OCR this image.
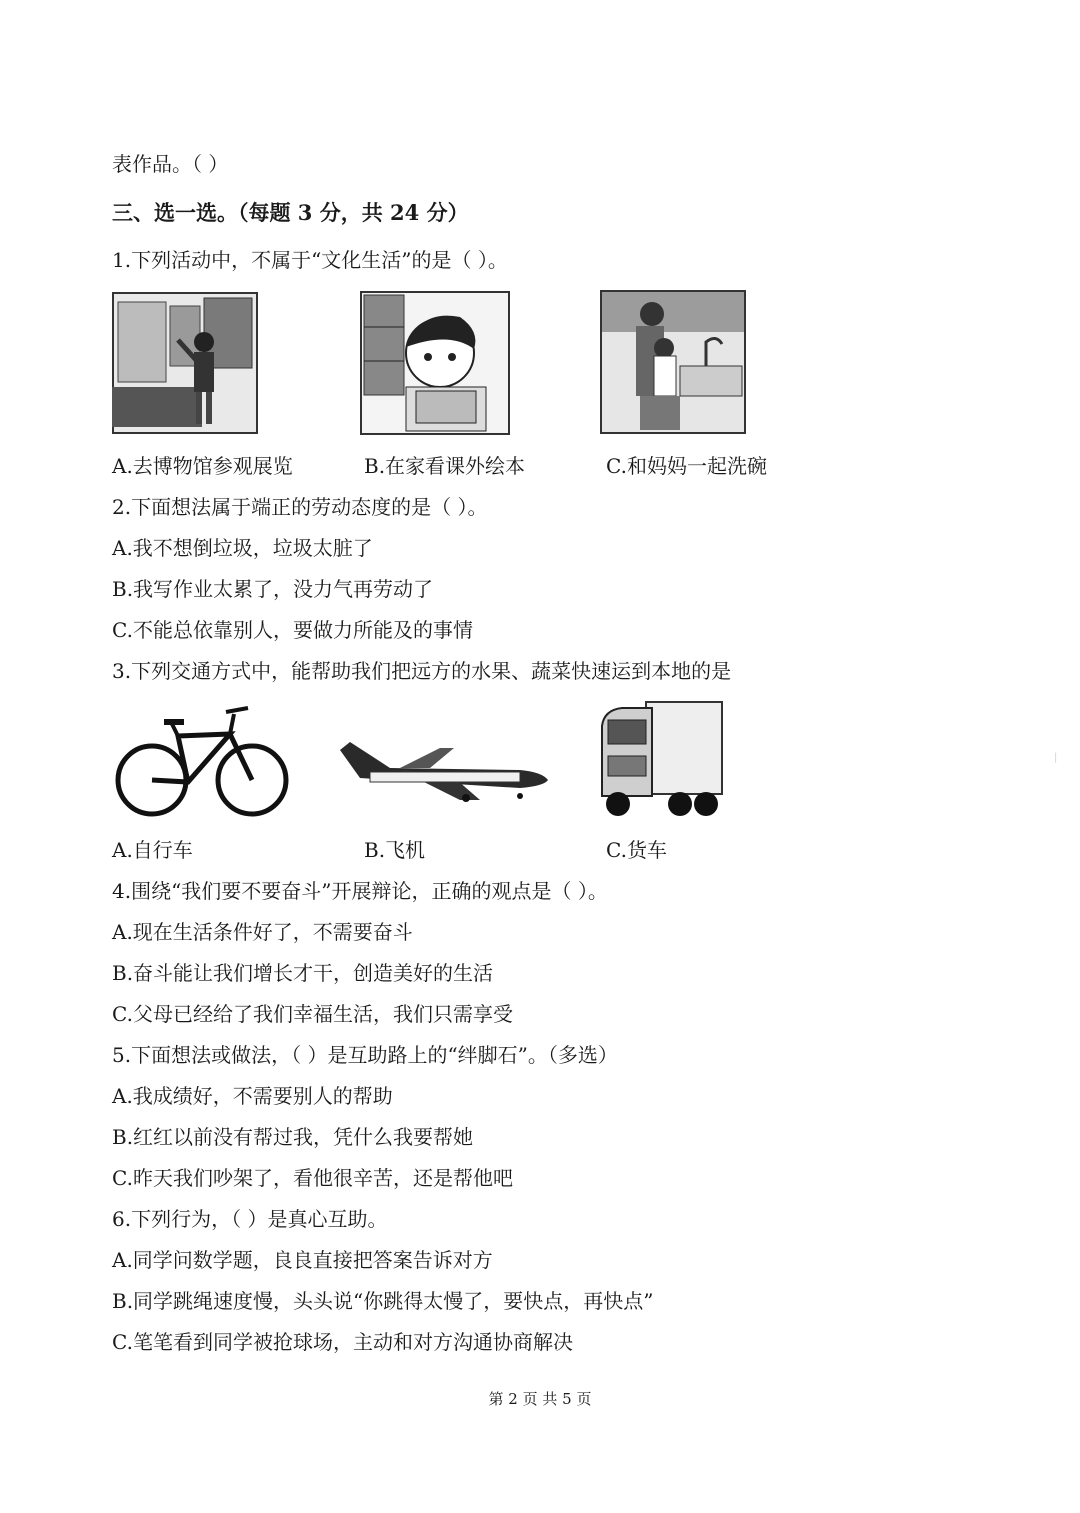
表作品。（ ）
三、选一选。（每题 3 分，共 24 分）
1.下列活动中，不属于“文化生活”的是（ ）。
A.去博物馆参观展览	B.在家看课外绘本	C.和妈妈一起洗碗
2.下面想法属于端正的劳动态度的是（ ）。
A.我不想倒垃圾，垃圾太脏了
B.我写作业太累了，没力气再劳动了
C.不能总依靠别人，要做力所能及的事情
3.下列交通方式中，能帮助我们把远方的水果、蔬菜快速运到本地的是
A.自行车	B.飞机	C.货车
4.围绕“我们要不要奋斗”开展辩论，正确的观点是（ ）。
A.现在生活条件好了，不需要奋斗
B.奋斗能让我们增长才干，创造美好的生活
C.父母已经给了我们幸福生活，我们只需享受
5.下面想法或做法，（ ）是互助路上的“绊脚石”。（多选）
A.我成绩好，不需要别人的帮助
B.红红以前没有帮过我，凭什么我要帮她
C.昨天我们吵架了，看他很辛苦，还是帮他吧
6.下列行为，（ ）是真心互助。
A.同学问数学题，良良直接把答案告诉对方
B.同学跳绳速度慢，头头说“你跳得太慢了，要快点，再快点”
C.笔笔看到同学被抢球场，主动和对方沟通协商解决
第 2 页 共 5 页
|
